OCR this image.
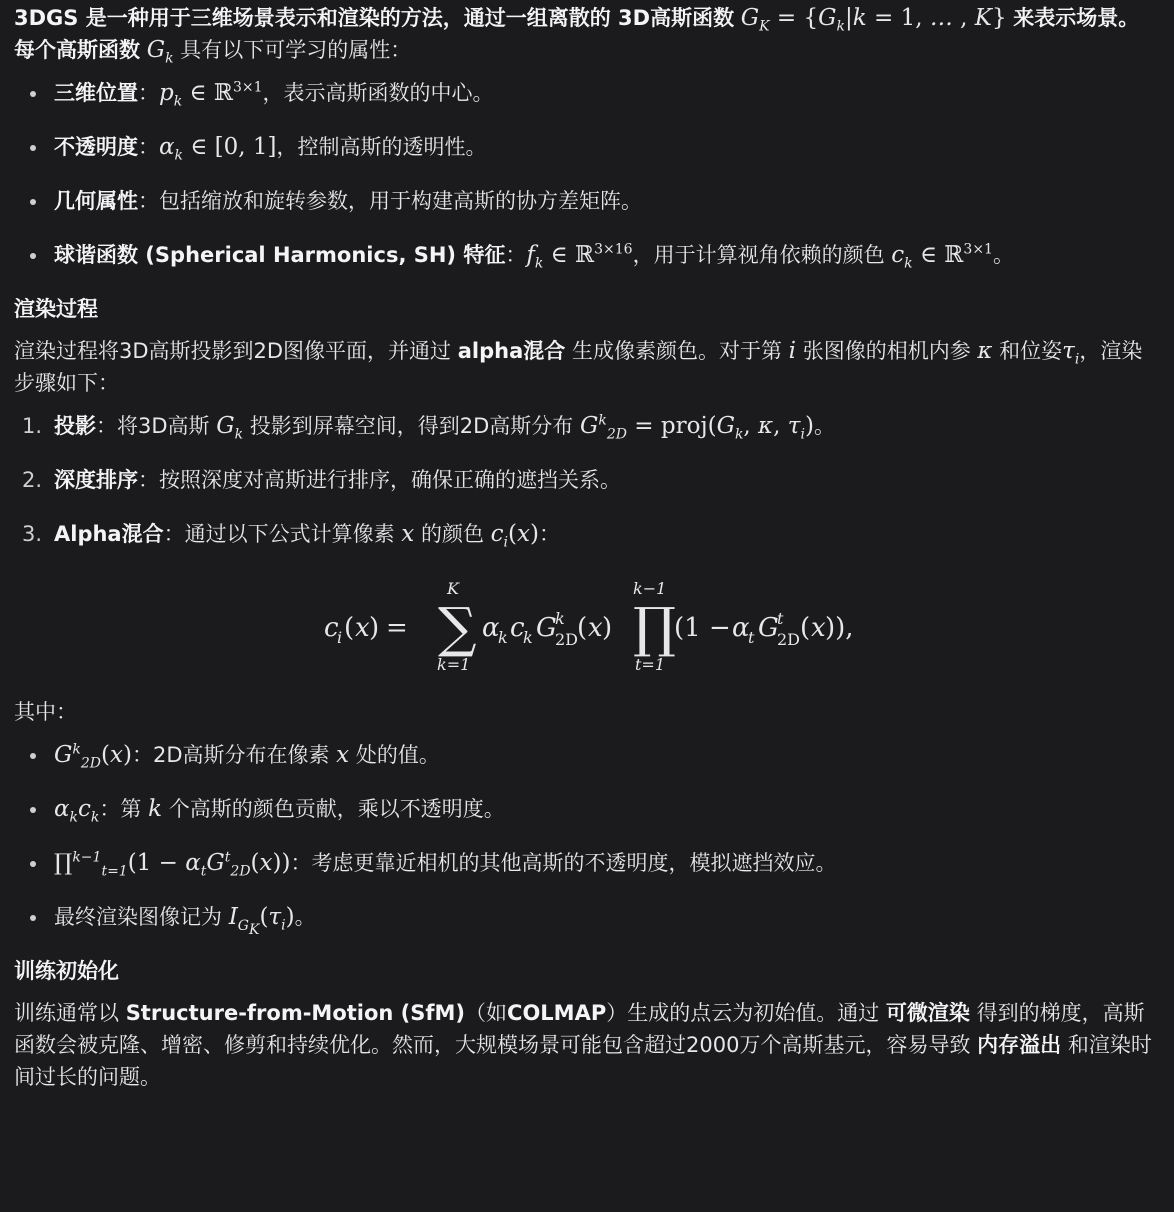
3DGS 是一种用于三维场景表示和渲染的方法，通过一组离散的 3D高斯函数 $G_K = \{G_k|k = 1$, … , K} 来表示场景。每个高斯函数 $G_k$ 具有以下可学习的属性：

三维位置：$p_k$ ∈ ℝ$^{3\times 1}$，表示高斯函数的中心。
不透明度：$\alpha_k$ ∈ [0, 1]，控制高斯的透明性。
几何属性：包括缩放和旋转参数，用于构建高斯的协方差矩阵。
球谐函数 (Spherical Harmonics, SH) 特征：$f_k$ ∈ ℝ$^{3\times 16}$，用于计算视角依赖的颜色 $c_k$ ∈ ℝ$^{3\times 1}$。
渲染过程

渲染过程将3D高斯投影到2D图像平面，并通过 alpha混合 生成像素颜色。对于第 i 张图像的相机内参 κ 和位姿$\tau_i$，渲染步骤如下：

1. 投影：将3D高斯 $G_k$ 投影到屏幕空间，得到2D高斯分布 $G^k_{2D}$ = $proj(G_k$, κ, $\tau_i$)。
2. 深度排序：按照深度对高斯进行排序，确保正确的遮挡关系。
3. Alpha混合：通过以下公式计算像素 x 的颜色 $c_i(x)$：
c
i ( x ) = ∑
K
k=1
α
k c
k G
k
2D
( x ) ∏
k−1
t=1
(1 − α
t G
t
2D ( x )),

其中：

$G^k_{2D}(x)$：2D高斯分布在像素 x 处的值。
$\alpha_kc_k$：第 k 个高斯的颜色贡献，乘以不透明度。
∏$^{k-1}_{t=1}$(1 − $\alpha_tG^t_{2D}(x)$)：考虑更靠近相机的其他高斯的不透明度，模拟遮挡效应。
最终渲染图像记为 $I_{G_K}(\tau_i)$。
训练初始化

训练通常以 Structure-from-Motion (SfM)（如COLMAP）生成的点云为初始值。通过 可微渲染 得到的梯度，高斯函数会被克隆、增密、修剪和持续优化。然而，大规模场景可能包含超过2000万个高斯基元，容易导致 内存溢出 和渲染时间过长的问题。
